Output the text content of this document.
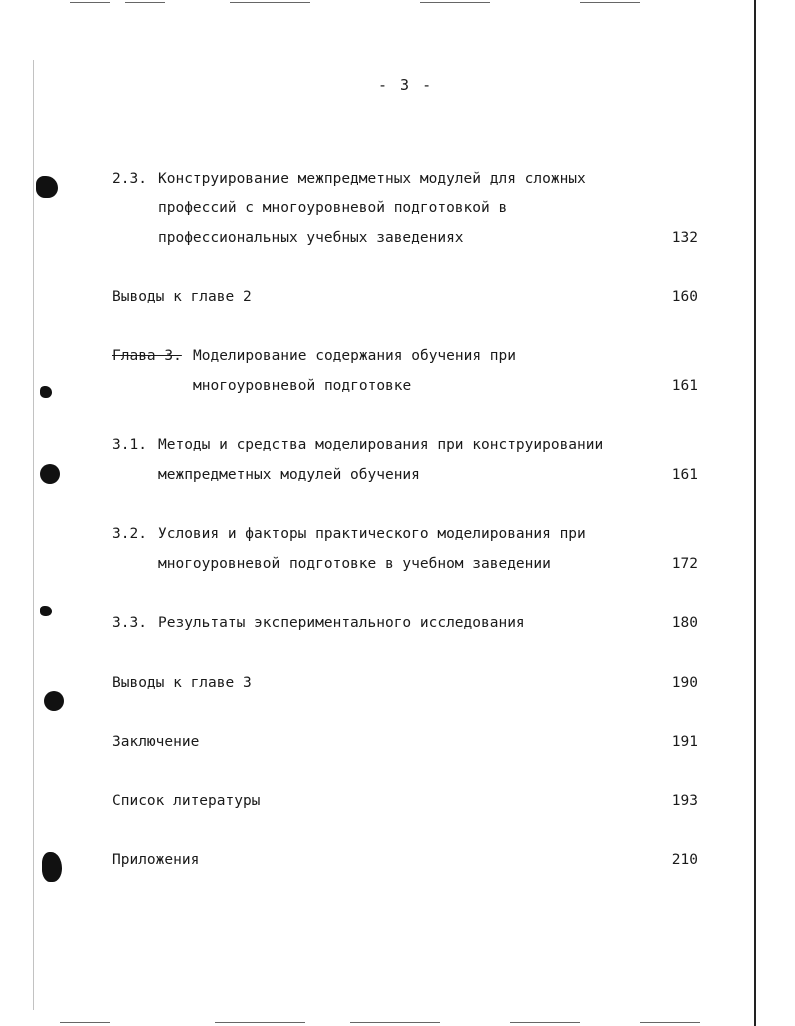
- 3 -
2.3. Конструирование межпредметных модулей для сложных
профессий с многоуровневой подготовкой в
профессиональных учебных заведениях	132
Выводы к главе 2	160
Глава 3. Моделирование содержания обучения при
многоуровневой подготовке	161
3.1. Методы и средства моделирования при конструировании
межпредметных модулей обучения	161
3.2. Условия и факторы практического моделирования при
многоуровневой подготовке в учебном заведении	172
3.3. Результаты экспериментального исследования	180
Выводы к главе 3	190
Заключение	191
Список литературы	193
Приложения	210
